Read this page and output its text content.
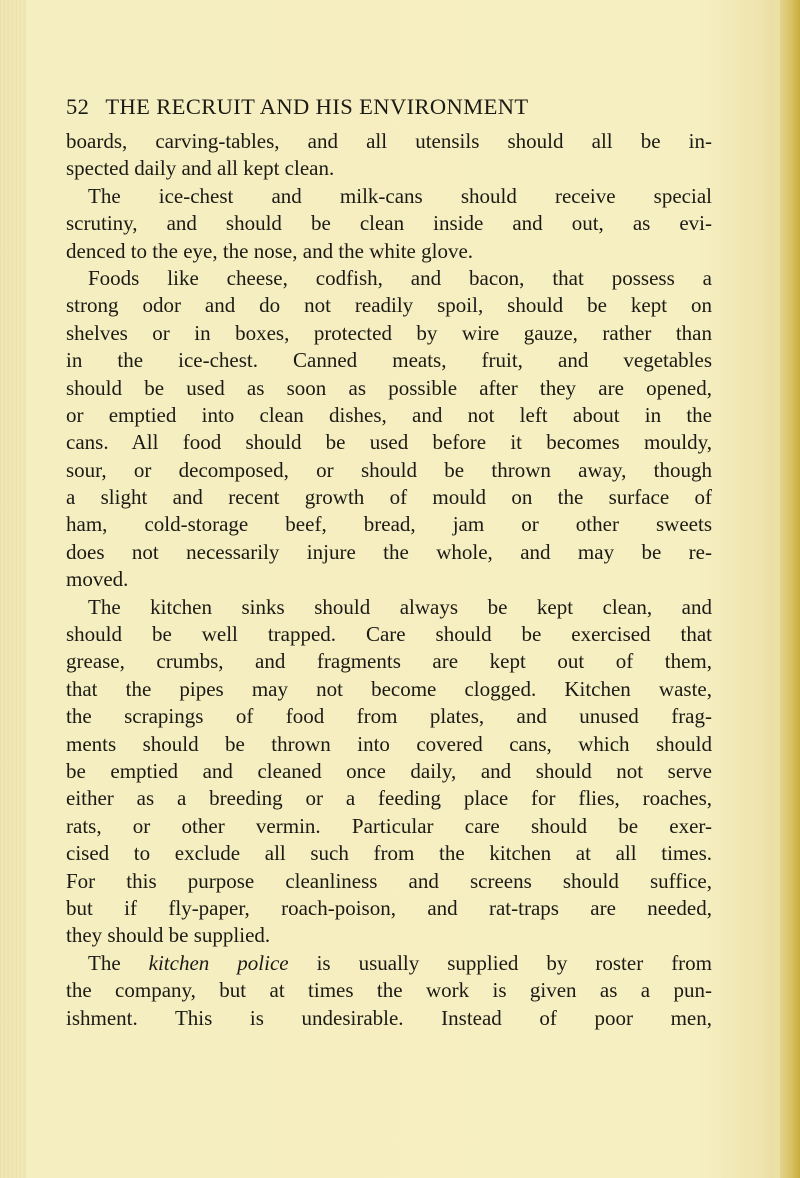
52 THE RECRUIT AND HIS ENVIRONMENT
boards, carving-tables, and all utensils should all be in-
spected daily and all kept clean.
The ice-chest and milk-cans should receive special
scrutiny, and should be clean inside and out, as evi-
denced to the eye, the nose, and the white glove.
Foods like cheese, codfish, and bacon, that possess a
strong odor and do not readily spoil, should be kept on
shelves or in boxes, protected by wire gauze, rather than
in the ice-chest. Canned meats, fruit, and vegetables
should be used as soon as possible after they are opened,
or emptied into clean dishes, and not left about in the
cans. All food should be used before it becomes mouldy,
sour, or decomposed, or should be thrown away, though
a slight and recent growth of mould on the surface of
ham, cold-storage beef, bread, jam or other sweets
does not necessarily injure the whole, and may be re-
moved.
The kitchen sinks should always be kept clean, and
should be well trapped. Care should be exercised that
grease, crumbs, and fragments are kept out of them,
that the pipes may not become clogged. Kitchen waste,
the scrapings of food from plates, and unused frag-
ments should be thrown into covered cans, which should
be emptied and cleaned once daily, and should not serve
either as a breeding or a feeding place for flies, roaches,
rats, or other vermin. Particular care should be exer-
cised to exclude all such from the kitchen at all times.
For this purpose cleanliness and screens should suffice,
but if fly-paper, roach-poison, and rat-traps are needed,
they should be supplied.
The kitchen police is usually supplied by roster from
the company, but at times the work is given as a pun-
ishment. This is undesirable. Instead of poor men,
